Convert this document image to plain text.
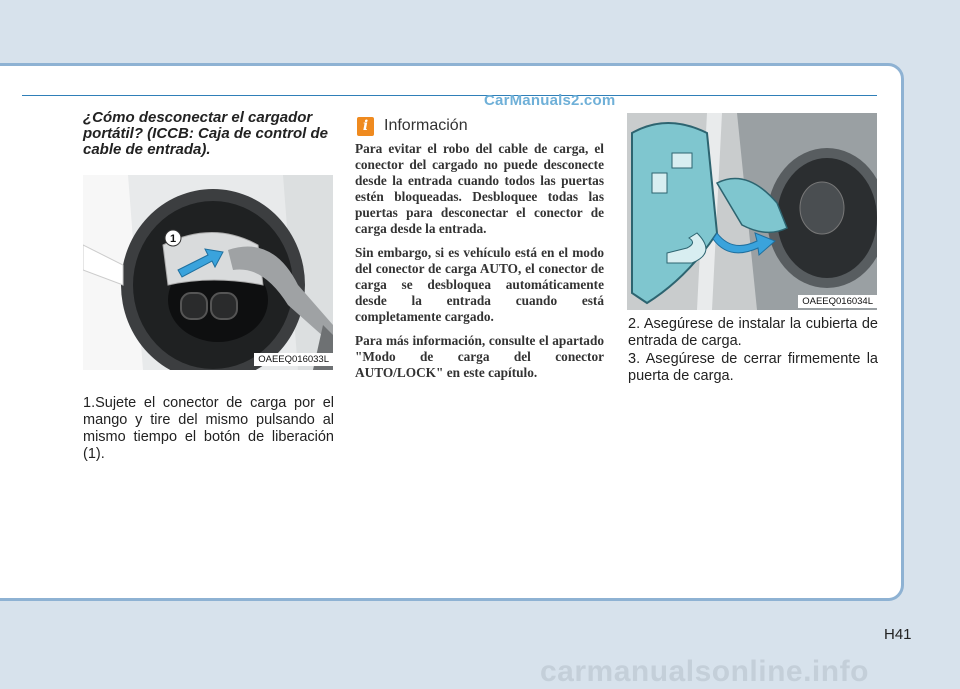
CarManuals2.com
¿Cómo desconectar el cargador portátil? (ICCB: Caja de control de cable de entrada).
1
OAEEQ016033L
1.Sujete el conector de carga por el mango y tire del mismo pulsando al mismo tiempo el botón de liberación (1).
i Información

Para evitar el robo del cable de carga, el conector del cargado no puede desconecte desde la entrada cuando todos las puertas estén bloqueadas. Desbloquee todas las puertas para desconectar el conector de carga desde la entrada.

Sin embargo, si es vehículo está en el modo del conector de carga AUTO, el conector de carga se desbloquea automáticamente desde la entrada cuando está completamente cargado.

Para más información, consulte el apartado "Modo de carga del conector AUTO/LOCK" en este capítulo.

OAEEQ016034L
2. Asegúrese de instalar la cubierta de entrada de carga.
3. Asegúrese de cerrar firmemente la puerta de carga.
H41
carmanualsonline.info
